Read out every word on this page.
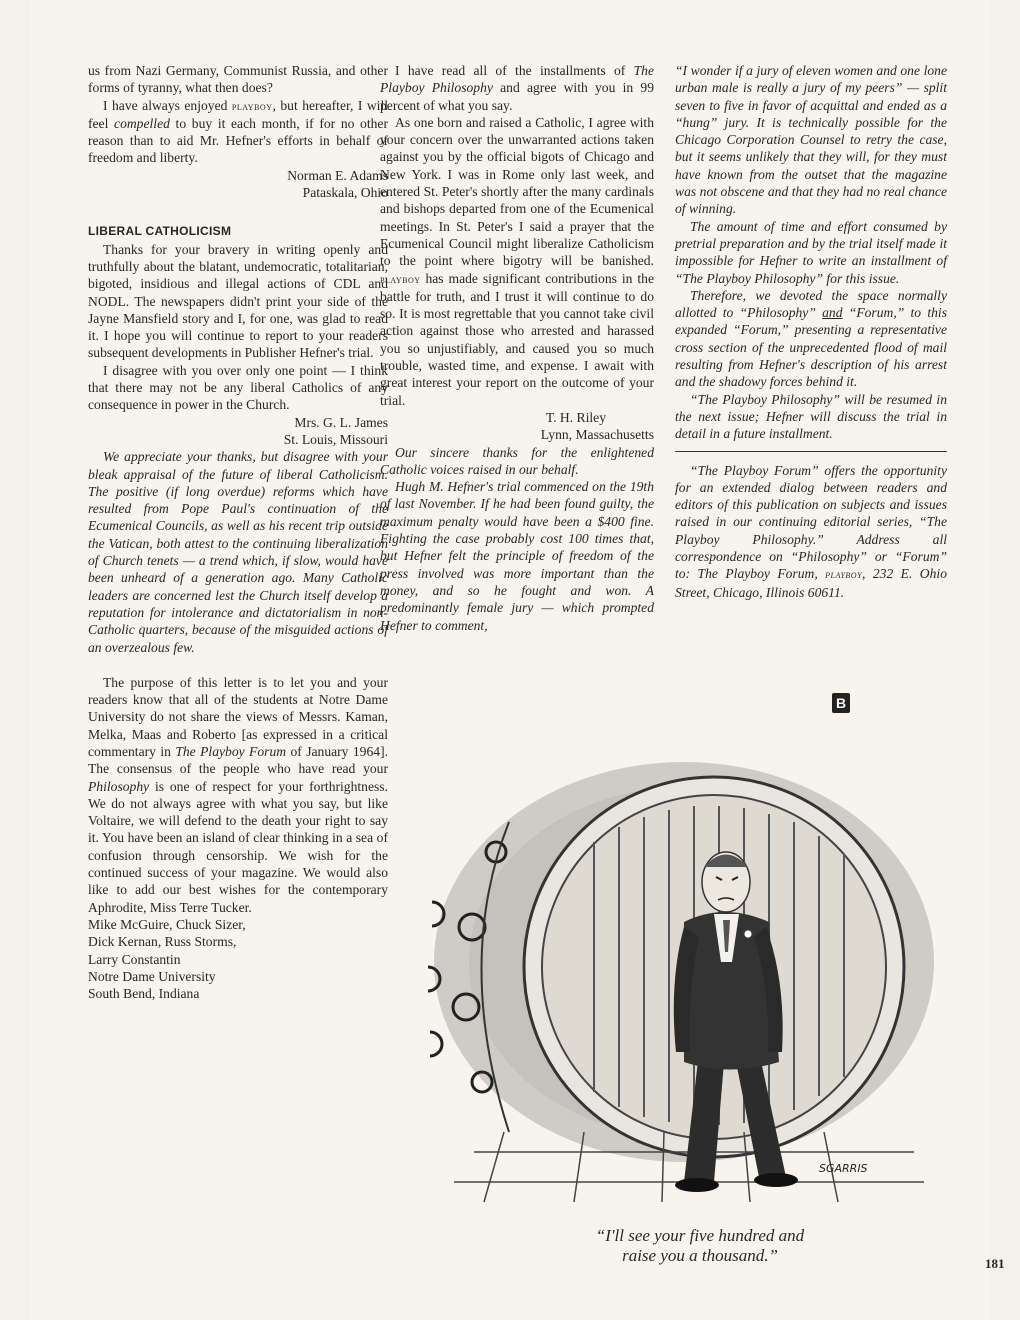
us from Nazi Germany, Communist Russia, and other forms of tyranny, what then does?

I have always enjoyed playboy, but hereafter, I will feel compelled to buy it each month, if for no other reason than to aid Mr. Hefner's efforts in behalf of freedom and liberty.

Norman E. Adams

Pataskala, Ohio

LIBERAL CATHOLICISM

Thanks for your bravery in writing openly and truthfully about the blatant, undemocratic, totalitarian, bigoted, insidious and illegal actions of CDL and NODL. The newspapers didn't print your side of the Jayne Mansfield story and I, for one, was glad to read it. I hope you will continue to report to your readers subsequent developments in Publisher Hefner's trial.

I disagree with you over only one point — I think that there may not be any liberal Catholics of any consequence in power in the Church.

Mrs. G. L. James

St. Louis, Missouri

We appreciate your thanks, but disagree with your bleak appraisal of the future of liberal Catholicism. The positive (if long overdue) reforms which have resulted from Pope Paul's continuation of the Ecumenical Councils, as well as his recent trip outside the Vatican, both attest to the continuing liberalization of Church tenets — a trend which, if slow, would have been unheard of a generation ago. Many Catholic leaders are concerned lest the Church itself develop a reputation for intolerance and dictatorialism in non-Catholic quarters, because of the misguided actions of an overzealous few.

The purpose of this letter is to let you and your readers know that all of the students at Notre Dame University do not share the views of Messrs. Kaman, Melka, Maas and Roberto [as expressed in a critical commentary in The Playboy Forum of January 1964]. The consensus of the people who have read your Philosophy is one of respect for your forthrightness. We do not always agree with what you say, but like Voltaire, we will defend to the death your right to say it. You have been an island of clear thinking in a sea of confusion through censorship. We wish for the continued success of your magazine. We would also like to add our best wishes for the contemporary Aphrodite, Miss Terre Tucker.

Mike McGuire, Chuck Sizer,

Dick Kernan, Russ Storms,

Larry Constantin

Notre Dame University

South Bend, Indiana

I have read all of the installments of The Playboy Philosophy and agree with you in 99 percent of what you say.

As one born and raised a Catholic, I agree with your concern over the unwarranted actions taken against you by the official bigots of Chicago and New York. I was in Rome only last week, and entered St. Peter's shortly after the many cardinals and bishops departed from one of the Ecumenical meetings. In St. Peter's I said a prayer that the Ecumenical Council might liberalize Catholicism to the point where bigotry will be banished. playboy has made significant contributions in the battle for truth, and I trust it will continue to do so. It is most regrettable that you cannot take civil action against those who arrested and harassed you so unjustifiably, and caused you so much trouble, wasted time, and expense. I await with great interest your report on the outcome of your trial.

T. H. Riley

Lynn, Massachusetts

Our sincere thanks for the enlightened Catholic voices raised in our behalf.

Hugh M. Hefner's trial commenced on the 19th of last November. If he had been found guilty, the maximum penalty would have been a $400 fine. Fighting the case probably cost 100 times that, but Hefner felt the principle of freedom of the press involved was more important than the money, and so he fought and won. A predominantly female jury — which prompted Hefner to comment,

“I wonder if a jury of eleven women and one lone urban male is really a jury of my peers” — split seven to five in favor of acquittal and ended as a “hung” jury. It is technically possible for the Chicago Corporation Counsel to retry the case, but it seems unlikely that they will, for they must have known from the outset that the magazine was not obscene and that they had no real chance of winning.

The amount of time and effort consumed by pretrial preparation and by the trial itself made it impossible for Hefner to write an installment of “The Playboy Philosophy” for this issue.

Therefore, we devoted the space normally allotted to “Philosophy” and “Forum,” to this expanded “Forum,” presenting a representative cross section of the unprecedented flood of mail resulting from Hefner's description of his arrest and the shadowy forces behind it.

“The Playboy Philosophy” will be resumed in the next issue; Hefner will discuss the trial in detail in a future installment.

“The Playboy Forum” offers the opportunity for an extended dialog between readers and editors of this publication on subjects and issues raised in our continuing editorial series, “The Playboy Philosophy.” Address all correspondence on “Philosophy” or “Forum” to: The Playboy Forum, playboy, 232 E. Ohio Street, Chicago, Illinois 60611.

B
SGARRIS
“I'll see your five hundred and
raise you a thousand.”	181
